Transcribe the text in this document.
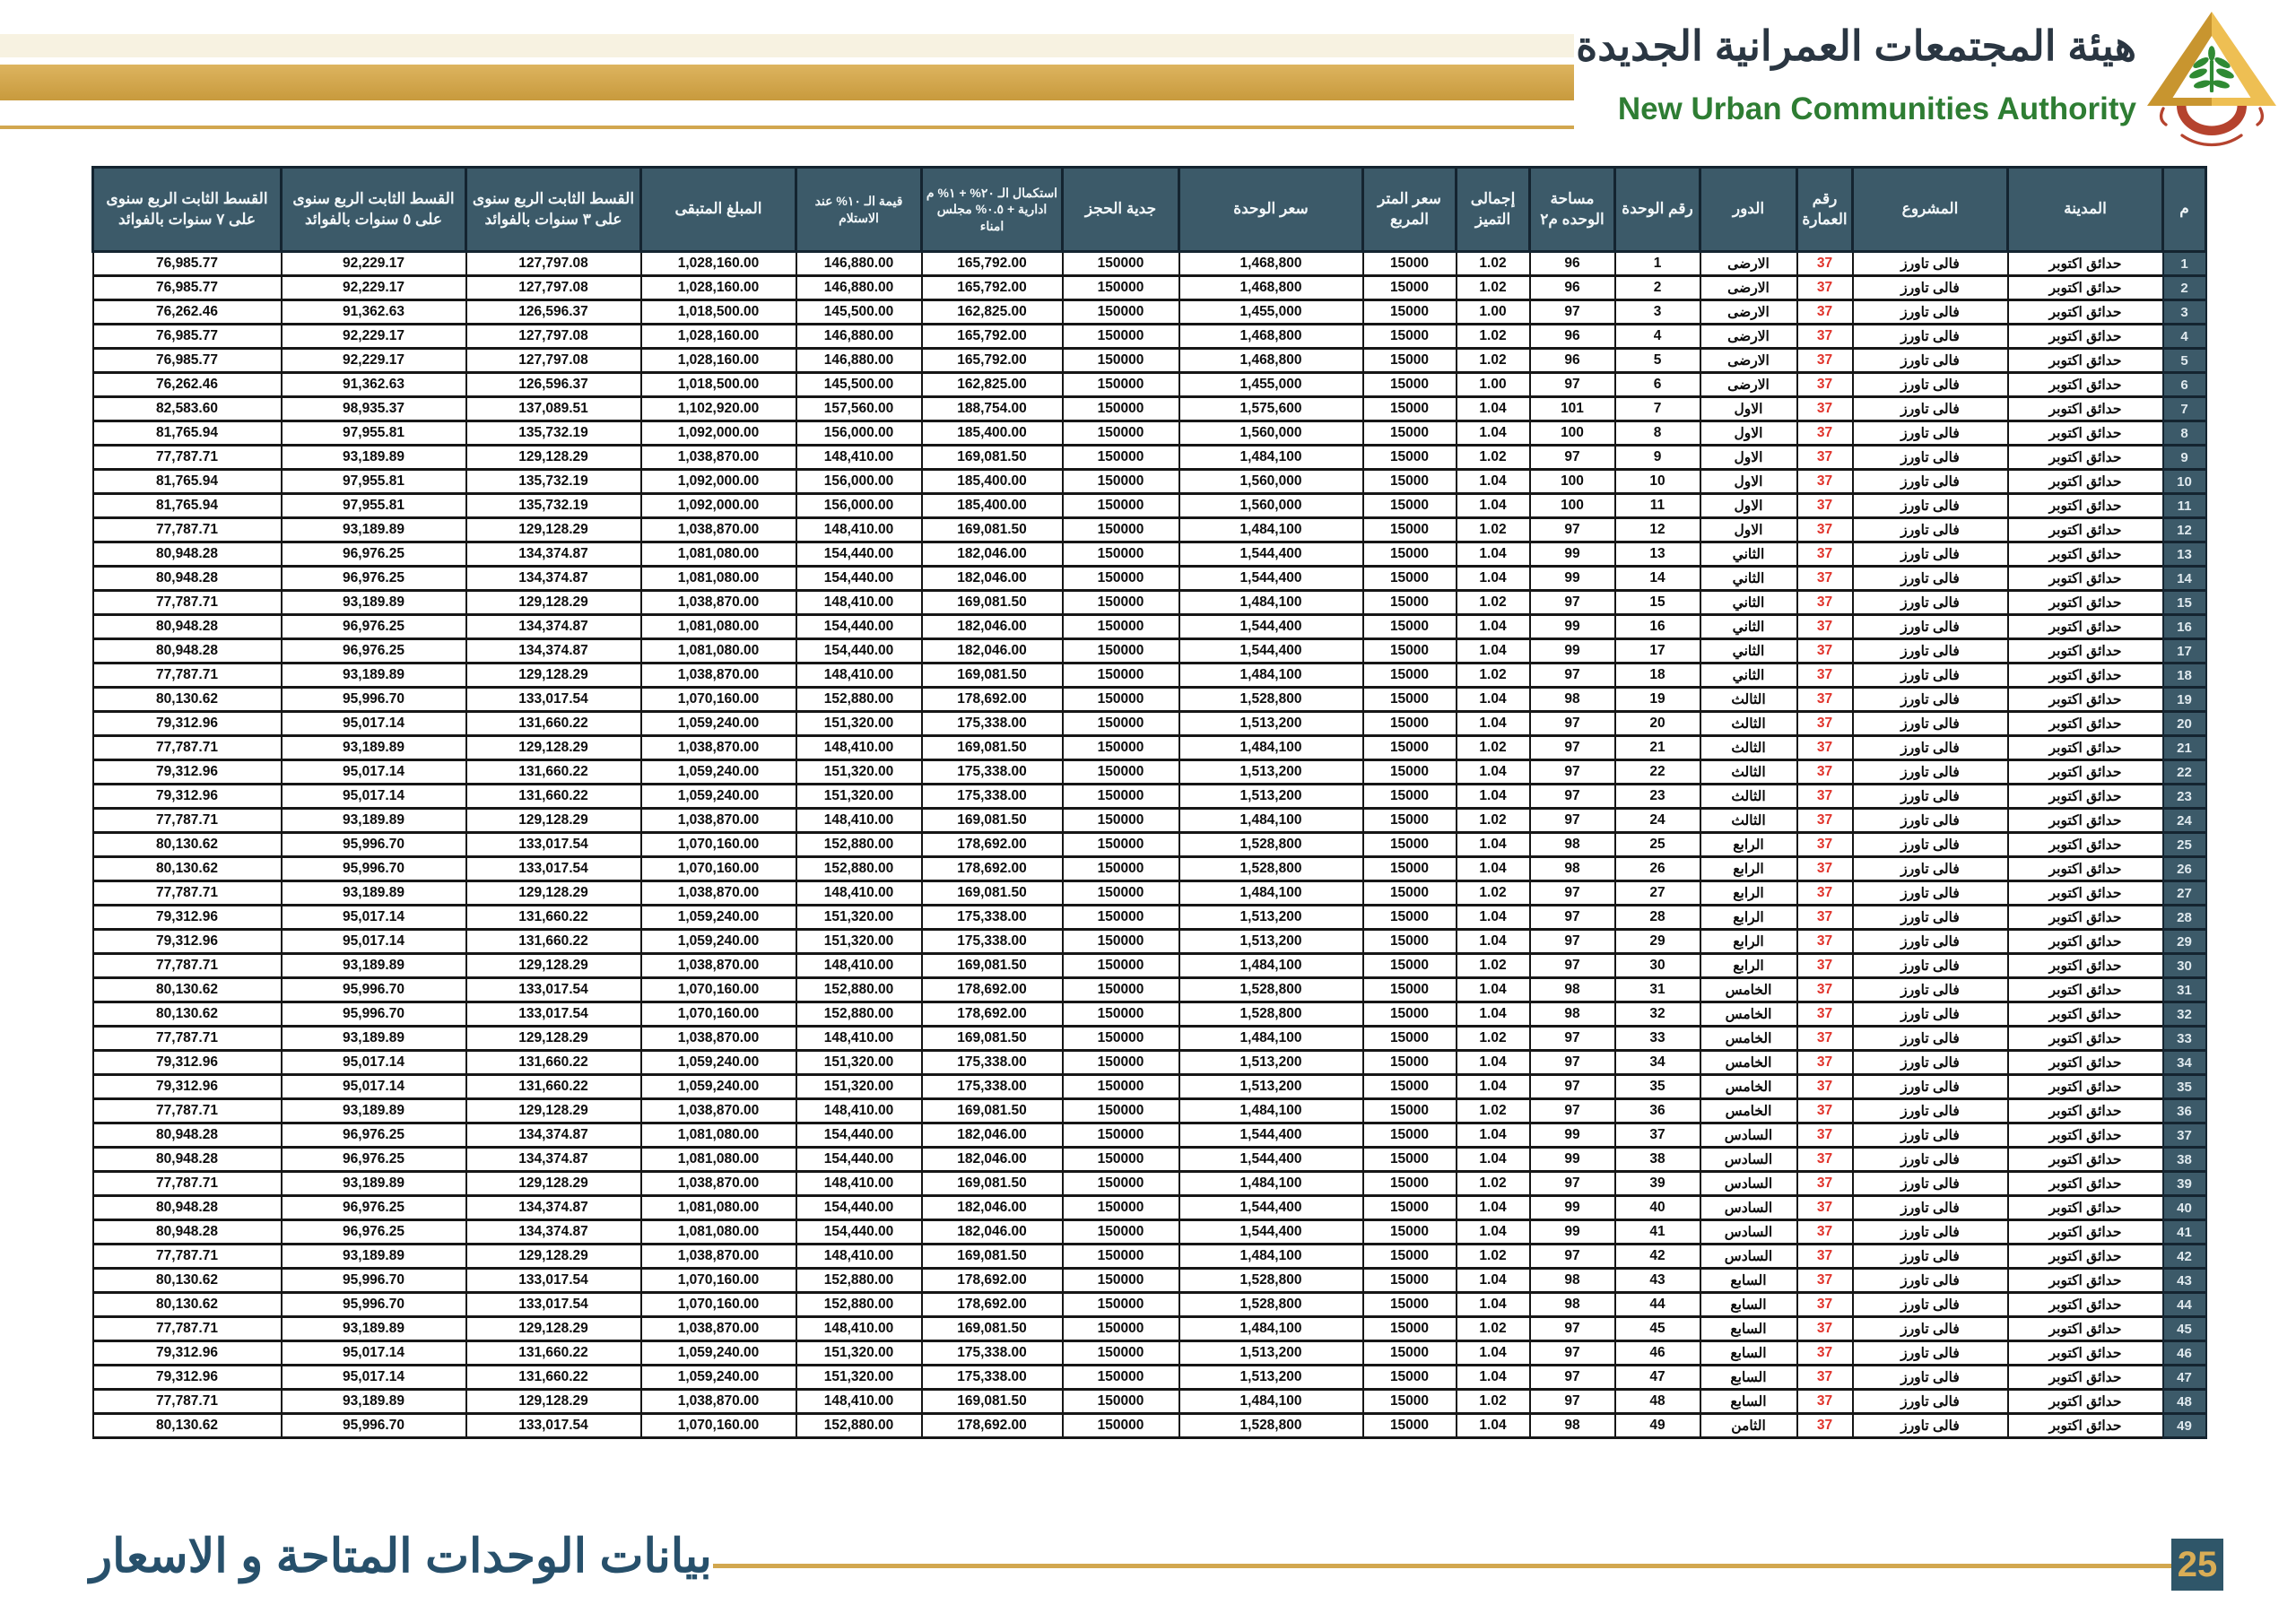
هيئة المجتمعات العمرانية الجديدة
New Urban Communities Authority
م	المدينة	المشروع	رقم العمارة	الدور	رقم الوحدة	مساحة الوحده م٢	إجمالى التميز	سعر المتر المربع	سعر الوحدة	جدية الحجز	استكمال الـ ٢٠% + ١% م ادارية + ٠.٥% مجلس امناء	قيمة الـ ١٠% عند الاستلام	المبلغ المتبقى	القسط الثابت الربع سنوى على ٣ سنوات بالفوائد	القسط الثابت الربع سنوى على ٥ سنوات بالفوائد	القسط الثابت الربع سنوى على ٧ سنوات بالفوائد
1	حدائق اكتوبر	فالى تاورز	37	الارضى	1	96	1.02	15000	1,468,800	150000	165,792.00	146,880.00	1,028,160.00	127,797.08	92,229.17	76,985.77
2	حدائق اكتوبر	فالى تاورز	37	الارضى	2	96	1.02	15000	1,468,800	150000	165,792.00	146,880.00	1,028,160.00	127,797.08	92,229.17	76,985.77
3	حدائق اكتوبر	فالى تاورز	37	الارضى	3	97	1.00	15000	1,455,000	150000	162,825.00	145,500.00	1,018,500.00	126,596.37	91,362.63	76,262.46
4	حدائق اكتوبر	فالى تاورز	37	الارضى	4	96	1.02	15000	1,468,800	150000	165,792.00	146,880.00	1,028,160.00	127,797.08	92,229.17	76,985.77
5	حدائق اكتوبر	فالى تاورز	37	الارضى	5	96	1.02	15000	1,468,800	150000	165,792.00	146,880.00	1,028,160.00	127,797.08	92,229.17	76,985.77
6	حدائق اكتوبر	فالى تاورز	37	الارضى	6	97	1.00	15000	1,455,000	150000	162,825.00	145,500.00	1,018,500.00	126,596.37	91,362.63	76,262.46
7	حدائق اكتوبر	فالى تاورز	37	الاول	7	101	1.04	15000	1,575,600	150000	188,754.00	157,560.00	1,102,920.00	137,089.51	98,935.37	82,583.60
8	حدائق اكتوبر	فالى تاورز	37	الاول	8	100	1.04	15000	1,560,000	150000	185,400.00	156,000.00	1,092,000.00	135,732.19	97,955.81	81,765.94
9	حدائق اكتوبر	فالى تاورز	37	الاول	9	97	1.02	15000	1,484,100	150000	169,081.50	148,410.00	1,038,870.00	129,128.29	93,189.89	77,787.71
10	حدائق اكتوبر	فالى تاورز	37	الاول	10	100	1.04	15000	1,560,000	150000	185,400.00	156,000.00	1,092,000.00	135,732.19	97,955.81	81,765.94
11	حدائق اكتوبر	فالى تاورز	37	الاول	11	100	1.04	15000	1,560,000	150000	185,400.00	156,000.00	1,092,000.00	135,732.19	97,955.81	81,765.94
12	حدائق اكتوبر	فالى تاورز	37	الاول	12	97	1.02	15000	1,484,100	150000	169,081.50	148,410.00	1,038,870.00	129,128.29	93,189.89	77,787.71
13	حدائق اكتوبر	فالى تاورز	37	الثاني	13	99	1.04	15000	1,544,400	150000	182,046.00	154,440.00	1,081,080.00	134,374.87	96,976.25	80,948.28
14	حدائق اكتوبر	فالى تاورز	37	الثاني	14	99	1.04	15000	1,544,400	150000	182,046.00	154,440.00	1,081,080.00	134,374.87	96,976.25	80,948.28
15	حدائق اكتوبر	فالى تاورز	37	الثاني	15	97	1.02	15000	1,484,100	150000	169,081.50	148,410.00	1,038,870.00	129,128.29	93,189.89	77,787.71
16	حدائق اكتوبر	فالى تاورز	37	الثاني	16	99	1.04	15000	1,544,400	150000	182,046.00	154,440.00	1,081,080.00	134,374.87	96,976.25	80,948.28
17	حدائق اكتوبر	فالى تاورز	37	الثاني	17	99	1.04	15000	1,544,400	150000	182,046.00	154,440.00	1,081,080.00	134,374.87	96,976.25	80,948.28
18	حدائق اكتوبر	فالى تاورز	37	الثاني	18	97	1.02	15000	1,484,100	150000	169,081.50	148,410.00	1,038,870.00	129,128.29	93,189.89	77,787.71
19	حدائق اكتوبر	فالى تاورز	37	الثالث	19	98	1.04	15000	1,528,800	150000	178,692.00	152,880.00	1,070,160.00	133,017.54	95,996.70	80,130.62
20	حدائق اكتوبر	فالى تاورز	37	الثالث	20	97	1.04	15000	1,513,200	150000	175,338.00	151,320.00	1,059,240.00	131,660.22	95,017.14	79,312.96
21	حدائق اكتوبر	فالى تاورز	37	الثالث	21	97	1.02	15000	1,484,100	150000	169,081.50	148,410.00	1,038,870.00	129,128.29	93,189.89	77,787.71
22	حدائق اكتوبر	فالى تاورز	37	الثالث	22	97	1.04	15000	1,513,200	150000	175,338.00	151,320.00	1,059,240.00	131,660.22	95,017.14	79,312.96
23	حدائق اكتوبر	فالى تاورز	37	الثالث	23	97	1.04	15000	1,513,200	150000	175,338.00	151,320.00	1,059,240.00	131,660.22	95,017.14	79,312.96
24	حدائق اكتوبر	فالى تاورز	37	الثالث	24	97	1.02	15000	1,484,100	150000	169,081.50	148,410.00	1,038,870.00	129,128.29	93,189.89	77,787.71
25	حدائق اكتوبر	فالى تاورز	37	الرابع	25	98	1.04	15000	1,528,800	150000	178,692.00	152,880.00	1,070,160.00	133,017.54	95,996.70	80,130.62
26	حدائق اكتوبر	فالى تاورز	37	الرابع	26	98	1.04	15000	1,528,800	150000	178,692.00	152,880.00	1,070,160.00	133,017.54	95,996.70	80,130.62
27	حدائق اكتوبر	فالى تاورز	37	الرابع	27	97	1.02	15000	1,484,100	150000	169,081.50	148,410.00	1,038,870.00	129,128.29	93,189.89	77,787.71
28	حدائق اكتوبر	فالى تاورز	37	الرابع	28	97	1.04	15000	1,513,200	150000	175,338.00	151,320.00	1,059,240.00	131,660.22	95,017.14	79,312.96
29	حدائق اكتوبر	فالى تاورز	37	الرابع	29	97	1.04	15000	1,513,200	150000	175,338.00	151,320.00	1,059,240.00	131,660.22	95,017.14	79,312.96
30	حدائق اكتوبر	فالى تاورز	37	الرابع	30	97	1.02	15000	1,484,100	150000	169,081.50	148,410.00	1,038,870.00	129,128.29	93,189.89	77,787.71
31	حدائق اكتوبر	فالى تاورز	37	الخامس	31	98	1.04	15000	1,528,800	150000	178,692.00	152,880.00	1,070,160.00	133,017.54	95,996.70	80,130.62
32	حدائق اكتوبر	فالى تاورز	37	الخامس	32	98	1.04	15000	1,528,800	150000	178,692.00	152,880.00	1,070,160.00	133,017.54	95,996.70	80,130.62
33	حدائق اكتوبر	فالى تاورز	37	الخامس	33	97	1.02	15000	1,484,100	150000	169,081.50	148,410.00	1,038,870.00	129,128.29	93,189.89	77,787.71
34	حدائق اكتوبر	فالى تاورز	37	الخامس	34	97	1.04	15000	1,513,200	150000	175,338.00	151,320.00	1,059,240.00	131,660.22	95,017.14	79,312.96
35	حدائق اكتوبر	فالى تاورز	37	الخامس	35	97	1.04	15000	1,513,200	150000	175,338.00	151,320.00	1,059,240.00	131,660.22	95,017.14	79,312.96
36	حدائق اكتوبر	فالى تاورز	37	الخامس	36	97	1.02	15000	1,484,100	150000	169,081.50	148,410.00	1,038,870.00	129,128.29	93,189.89	77,787.71
37	حدائق اكتوبر	فالى تاورز	37	السادس	37	99	1.04	15000	1,544,400	150000	182,046.00	154,440.00	1,081,080.00	134,374.87	96,976.25	80,948.28
38	حدائق اكتوبر	فالى تاورز	37	السادس	38	99	1.04	15000	1,544,400	150000	182,046.00	154,440.00	1,081,080.00	134,374.87	96,976.25	80,948.28
39	حدائق اكتوبر	فالى تاورز	37	السادس	39	97	1.02	15000	1,484,100	150000	169,081.50	148,410.00	1,038,870.00	129,128.29	93,189.89	77,787.71
40	حدائق اكتوبر	فالى تاورز	37	السادس	40	99	1.04	15000	1,544,400	150000	182,046.00	154,440.00	1,081,080.00	134,374.87	96,976.25	80,948.28
41	حدائق اكتوبر	فالى تاورز	37	السادس	41	99	1.04	15000	1,544,400	150000	182,046.00	154,440.00	1,081,080.00	134,374.87	96,976.25	80,948.28
42	حدائق اكتوبر	فالى تاورز	37	السادس	42	97	1.02	15000	1,484,100	150000	169,081.50	148,410.00	1,038,870.00	129,128.29	93,189.89	77,787.71
43	حدائق اكتوبر	فالى تاورز	37	السابع	43	98	1.04	15000	1,528,800	150000	178,692.00	152,880.00	1,070,160.00	133,017.54	95,996.70	80,130.62
44	حدائق اكتوبر	فالى تاورز	37	السابع	44	98	1.04	15000	1,528,800	150000	178,692.00	152,880.00	1,070,160.00	133,017.54	95,996.70	80,130.62
45	حدائق اكتوبر	فالى تاورز	37	السابع	45	97	1.02	15000	1,484,100	150000	169,081.50	148,410.00	1,038,870.00	129,128.29	93,189.89	77,787.71
46	حدائق اكتوبر	فالى تاورز	37	السابع	46	97	1.04	15000	1,513,200	150000	175,338.00	151,320.00	1,059,240.00	131,660.22	95,017.14	79,312.96
47	حدائق اكتوبر	فالى تاورز	37	السابع	47	97	1.04	15000	1,513,200	150000	175,338.00	151,320.00	1,059,240.00	131,660.22	95,017.14	79,312.96
48	حدائق اكتوبر	فالى تاورز	37	السابع	48	97	1.02	15000	1,484,100	150000	169,081.50	148,410.00	1,038,870.00	129,128.29	93,189.89	77,787.71
49	حدائق اكتوبر	فالى تاورز	37	الثامن	49	98	1.04	15000	1,528,800	150000	178,692.00	152,880.00	1,070,160.00	133,017.54	95,996.70	80,130.62
بيانات الوحدات المتاحة و الاسعار	25
